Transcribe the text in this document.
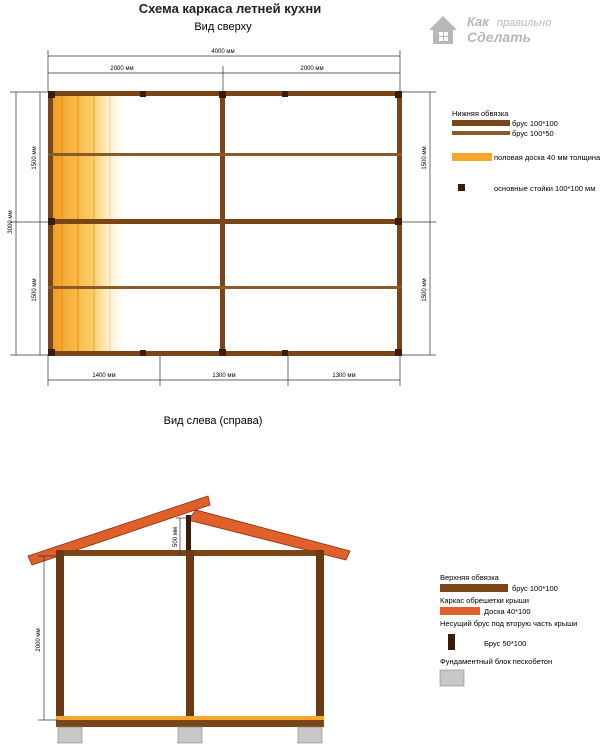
Схема каркаса летней кухни
Как правильно
Сделать
Вид сверху
4000 мм
2000 мм	2000 мм
3000 мм
1500 мм
1500 мм
1500 мм
1500 мм
1400 мм	1300 мм	1300 мм
Нижняя обвязка
брус 100*100
брус 100*50
половая доска 40 мм толщина
основные стойки 100*100 мм
Вид слева (справа)
2000 мм
500 мм
Верхняя обвязка
брус 100*100
Каркас обрешетки крыши
Доска 40*100
Несущий брус под вторую часть крыши
Брус 50*100
Фундаментный блок пескобетон
